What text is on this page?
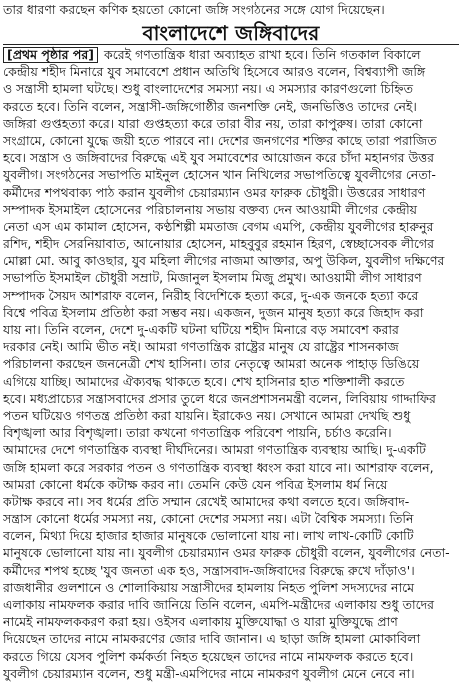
তার ধারণা করছেন কণিক হয়তো কোনো জঙ্গি সংগঠনের সঙ্গে যোগ দিয়েছেন।
বাংলাদেশে জঙ্গিবাদের
[প্রথম পৃষ্ঠার পর] করেই গণতান্ত্রিক ধারা অব্যাহত রাখা হবে। তিনি গতকাল বিকালে
কেন্দ্রীয় শহীদ মিনারে যুব সমাবেশে প্রধান অতিথি হিসেবে আরও বলেন, বিশ্বব্যাপী জঙ্গি
ও সন্ত্রাসী হামলা ঘটছে। শুধু বাংলাদেশের সমস্যা নয়। এ সমস্যার কারণগুলো চিহ্নিত
করতে হবে। তিনি বলেন, সন্ত্রাসী-জঙ্গিগোষ্ঠীর জনশক্তি নেই, জনভিত্তিও তাদের নেই।
জঙ্গিরা গুপ্তহত্যা করে। যারা গুপ্তহত্যা করে তারা বীর নয়, তারা কাপুরুষ। তারা কোনো
সংগ্রামে, কোনো যুদ্ধে জয়ী হতে পারবে না। দেশের জনগণের শক্তির কাছে তারা পরাজিত
হবে। সন্ত্রাস ও জঙ্গিবাদের বিরুদ্ধে এই যুব সমাবেশের আয়োজন করে চাঁদা মহানগর উত্তর
যুবলীগ। সংগঠনের সভাপতি মাইনুল হোসেন খান নিখিলের সভাপতিত্বে যুবলীগের নেতা-
কর্মীদের শপথবাক্য পাঠ করান যুবলীগ চেয়ারম্যান ওমর ফারুক চৌধুরী। উত্তরের সাধারণ
সম্পাদক ইসমাইল হোসেনের পরিচালনায় সভায় বক্তব্য দেন আওয়ামী লীগের কেন্দ্রীয়
নেতা এস এম কামাল হোসেন, কণ্ঠশিল্পী মমতাজ বেগম এমপি, কেন্দ্রীয় যুবলীগের হারুনুর
রশিদ, শহীদ সেরনিয়াবাত, আনোয়ার হোসেন, মাহবুবুর রহমান হিরণ, স্বেচ্ছাসেবক লীগের
মোল্লা মো. আবু কাওছার, যুব মহিলা লীগের নাজমা আক্তার, অপু উকিল, যুবলীগ দক্ষিণের
সভাপতি ইসমাইল চৌধুরী সম্রাট, মিজানুল ইসলাম মিজু প্রমুখ। আওয়ামী লীগ সাধারণ
সম্পাদক সৈয়দ আশরাফ বলেন, নিরীহ বিদেশিকে হত্যা করে, দু-এক জনকে হত্যা করে
বিশ্বে পবিত্র ইসলাম প্রতিষ্ঠা করা সম্ভব নয়। একজন, দুজন মানুষ হত্যা করে জিহাদ করা
যায় না। তিনি বলেন, দেশে দু-একটি ঘটনা ঘটিয়ে শহীদ মিনারে বড় সমাবেশ করার
দরকার নেই। আমি ভীত নই। আমরা গণতান্ত্রিক রাষ্ট্রের মানুষ যে রাষ্ট্রের শাসনকাজ
পরিচালনা করছেন জননেত্রী শেখ হাসিনা। তার নেতৃত্বে আমরা অনেক পাহাড় ডিঙিয়ে
এগিয়ে যাচ্ছি। আমাদের ঐক্যবদ্ধ থাকতে হবে। শেখ হাসিনার হাত শক্তিশালী করতে
হবে। মধ্যপ্রাচ্যের সন্ত্রাসবাদের প্রসার তুলে ধরে জনপ্রশাসনমন্ত্রী বলেন, লিবিয়ায় গাদ্দাফির
পতন ঘটিয়েও গণতন্ত্র প্রতিষ্ঠা করা যায়নি। ইরাকেও নয়। সেখানে আমরা দেখছি শুধু
বিশৃঙ্খলা আর বিশৃঙ্খলা। তারা কখনো গণতান্ত্রিক পরিবেশ পায়নি, চর্চাও করেনি।
আমাদের দেশে গণতান্ত্রিক ব্যবস্থা দীর্ঘদিনের। আমরা গণতান্ত্রিক ব্যবস্থায় আছি। দু-একটি
জঙ্গি হামলা করে সরকার পতন ও গণতান্ত্রিক ব্যবস্থা ধ্বংস করা যাবে না। আশরাফ বলেন,
আমরা কোনো ধর্মকে কটাক্ষ করব না। তেমনি কেউ যেন পবিত্র ইসলাম ধর্ম নিয়ে
কটাক্ষ করবে না। সব ধর্মের প্রতি সম্মান রেখেই আমাদের কথা বলতে হবে। জঙ্গিবাদ-
সন্ত্রাস কোনো ধর্মের সমস্যা নয়, কোনো দেশের সমস্যা নয়। এটা বৈশ্বিক সমস্যা। তিনি
বলেন, মিথ্যা দিয়ে হাজার হাজার মানুষকে ভোলানো যায় না। লাখ লাখ-কোটি কোটি
মানুষকে ভোলানো যায় না। যুবলীগ চেয়ারম্যান ওমর ফারুক চৌধুরী বলেন, যুবলীগের নেতা-
কর্মীদের শপথ হচ্ছে 'যুব জনতা এক হও, সন্ত্রাসবাদ-জঙ্গিবাদের বিরুদ্ধে রুখে দাঁড়াও'।
রাজধানীর গুলশানে ও শোলাকিয়ায় সন্ত্রাসীদের হামলায় নিহত পুলিশ সদস্যদের নামে
এলাকায় নামফলক করার দাবি জানিয়ে তিনি বলেন, এমপি-মন্ত্রীদের এলাকায় শুধু তাদের
নামেই নামফলককরণ করা হয়। ওইসব এলাকায় মুক্তিযোদ্ধা ও যারা মুক্তিযুদ্ধে প্রাণ
দিয়েছেন তাদের নামে নামকরণের জোর দাবি জানান। এ ছাড়া জঙ্গি হামলা মোকাবিলা
করতে গিয়ে যেসব পুলিশ কর্মকর্তা নিহত হয়েছেন তাদের নামে নামফলক করতে হবে।
যুবলীগ চেয়ারম্যান বলেন, শুধু মন্ত্রী-এমপিদের নামে নামকরণ যুবলীগ মেনে নেবে না।
